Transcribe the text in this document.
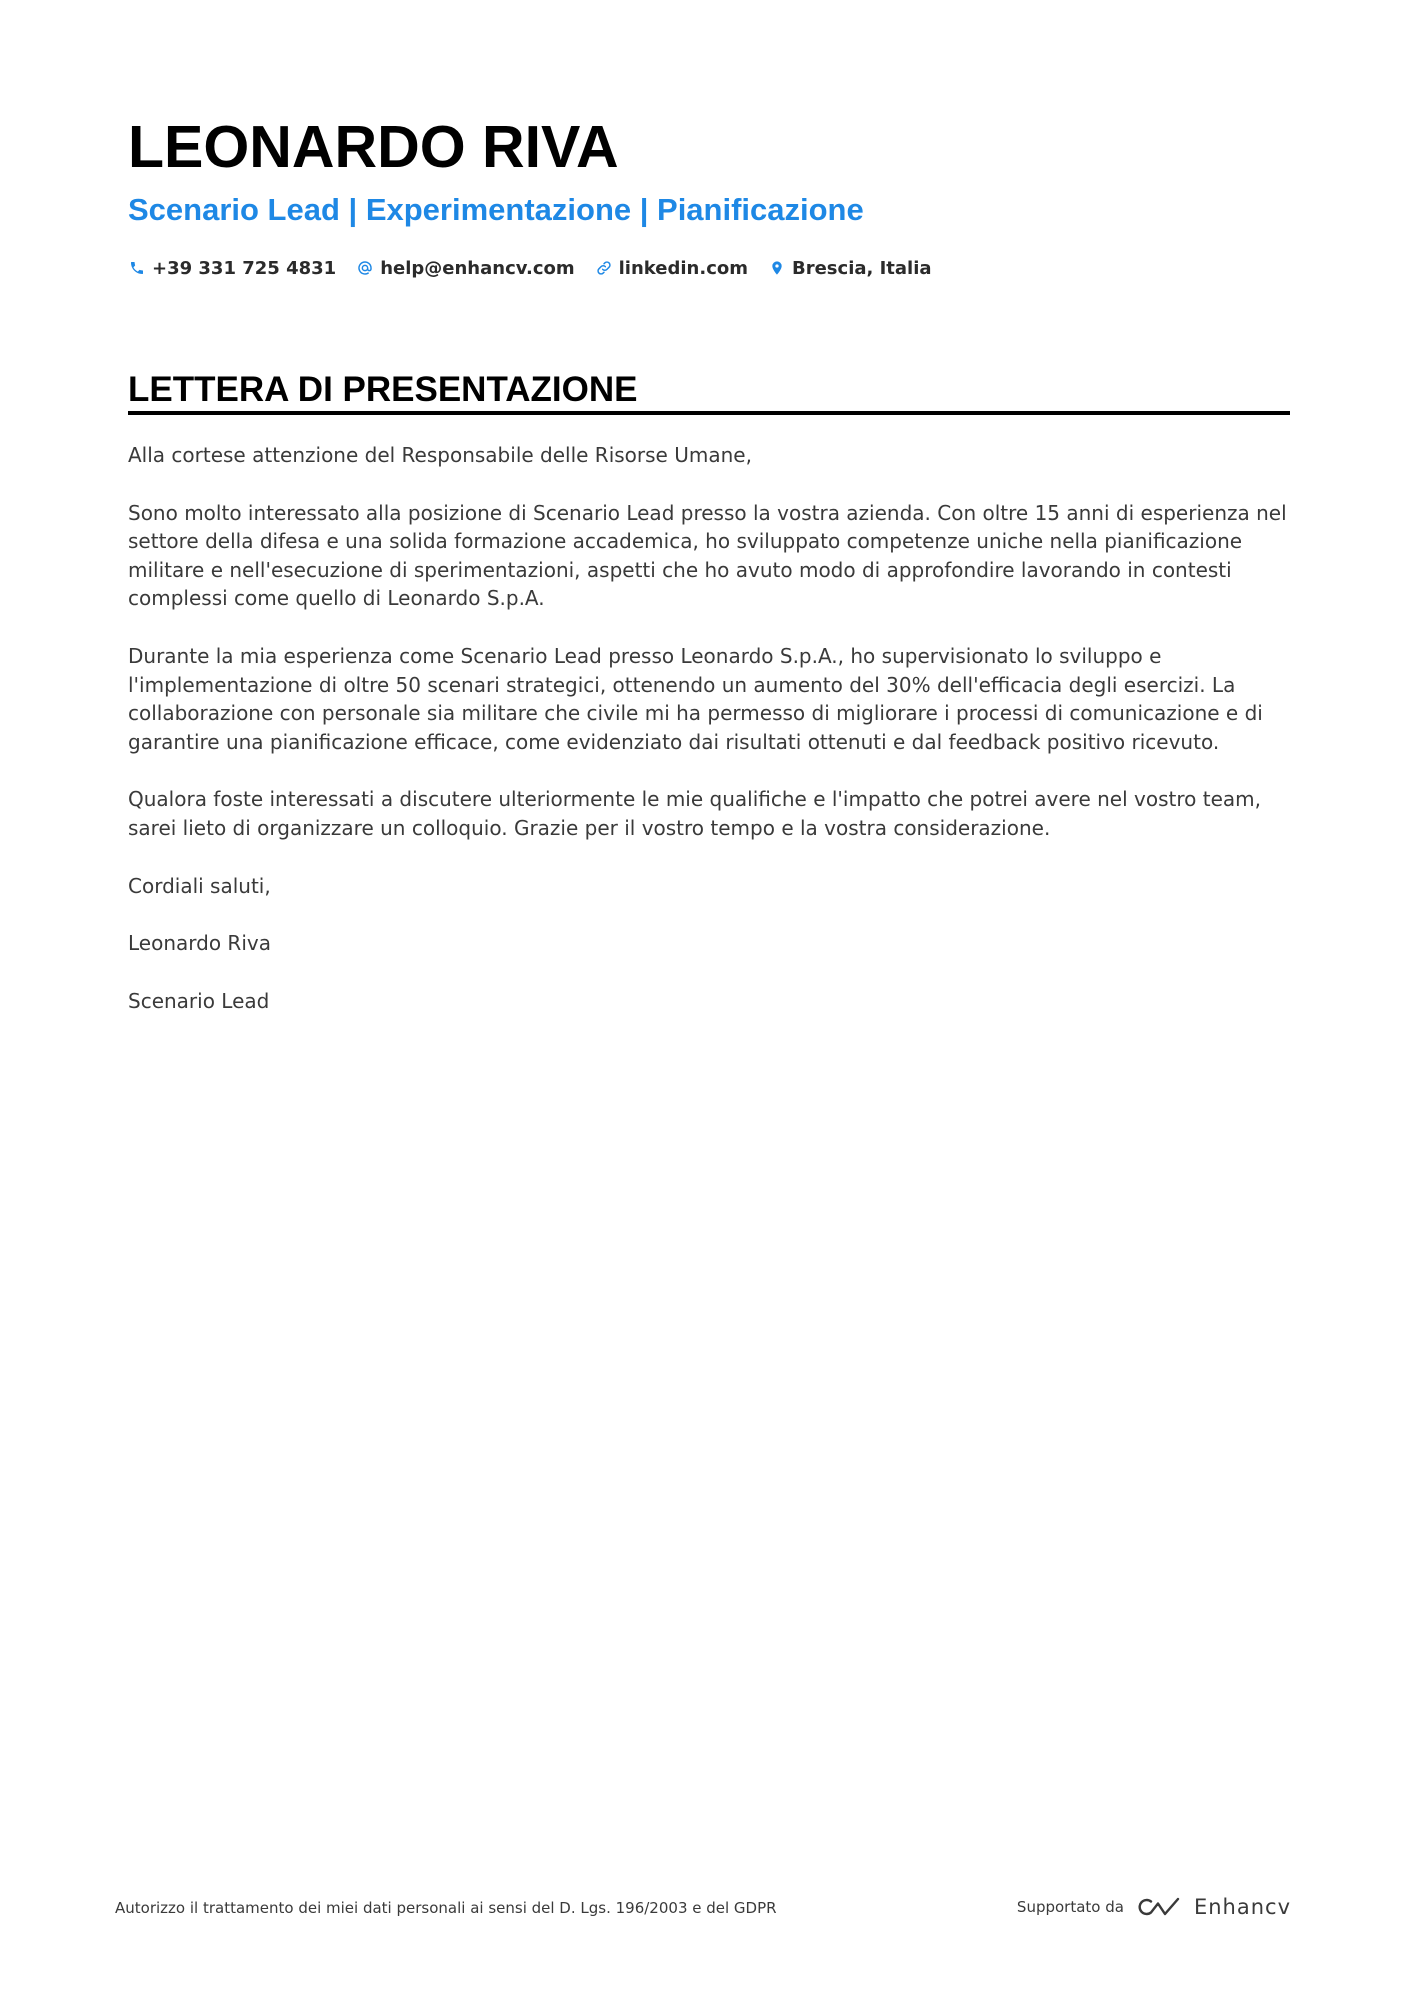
LEONARDO RIVA
Scenario Lead | Experimentazione | Pianificazione
+39 331 725 4831 help@enhancv.com linkedin.com Brescia, Italia
LETTERA DI PRESENTAZIONE

Alla cortese attenzione del Responsabile delle Risorse Umane,

Sono molto interessato alla posizione di Scenario Lead presso la vostra azienda. Con oltre 15 anni di esperienza nel settore della difesa e una solida formazione accademica, ho sviluppato competenze uniche nella pianificazione militare e nell'esecuzione di sperimentazioni, aspetti che ho avuto modo di approfondire lavorando in contesti complessi come quello di Leonardo S.p.A.

Durante la mia esperienza come Scenario Lead presso Leonardo S.p.A., ho supervisionato lo sviluppo e l'implementazione di oltre 50 scenari strategici, ottenendo un aumento del 30% dell'efficacia degli esercizi. La collaborazione con personale sia militare che civile mi ha permesso di migliorare i processi di comunicazione e di garantire una pianificazione efficace, come evidenziato dai risultati ottenuti e dal feedback positivo ricevuto.

Qualora foste interessati a discutere ulteriormente le mie qualifiche e l'impatto che potrei avere nel vostro team, sarei lieto di organizzare un colloquio. Grazie per il vostro tempo e la vostra considerazione.

Cordiali saluti,

Leonardo Riva

Scenario Lead

Autorizzo il trattamento dei miei dati personali ai sensi del D. Lgs. 196/2003 e del GDPR	Supportato da	Enhancv
